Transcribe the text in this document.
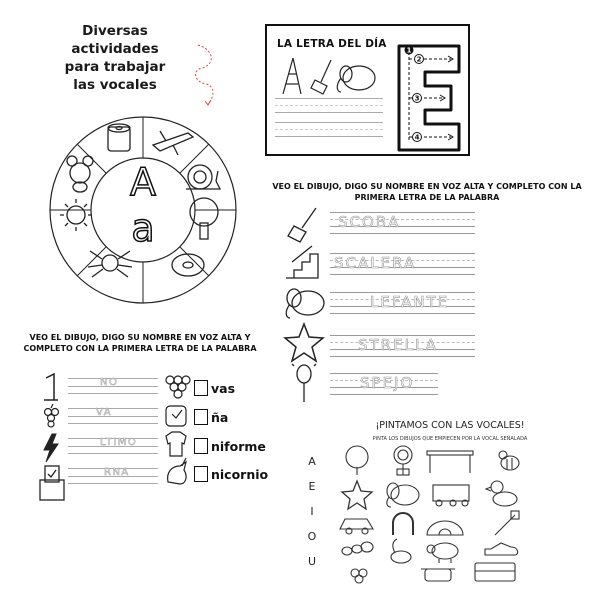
Diversas
actividades
para trabajar
las vocales
A
a
LA LETRA DEL DÍA
1
2
3
4
VEO EL DIBUJO, DIGO SU NOMBRE EN VOZ ALTA Y COMPLETO CON LA PRIMERA LETRA DE LA PALABRA
SCOBA
SCALERA
LEFANTE
STRELLA
SPEJO
VEO EL DIBUJO, DIGO SU NOMBRE EN VOZ ALTA Y COMPLETO CON LA PRIMERA LETRA DE LA PALABRA
NO
VA
LTIMO
RNA
vas
ña
niforme
nicornio
¡PINTAMOS CON LAS VOCALES!
PINTA LOS DIBUJOS QUE EMPIECEN POR LA VOCAL SEÑALADA
A
E
I
O
U
